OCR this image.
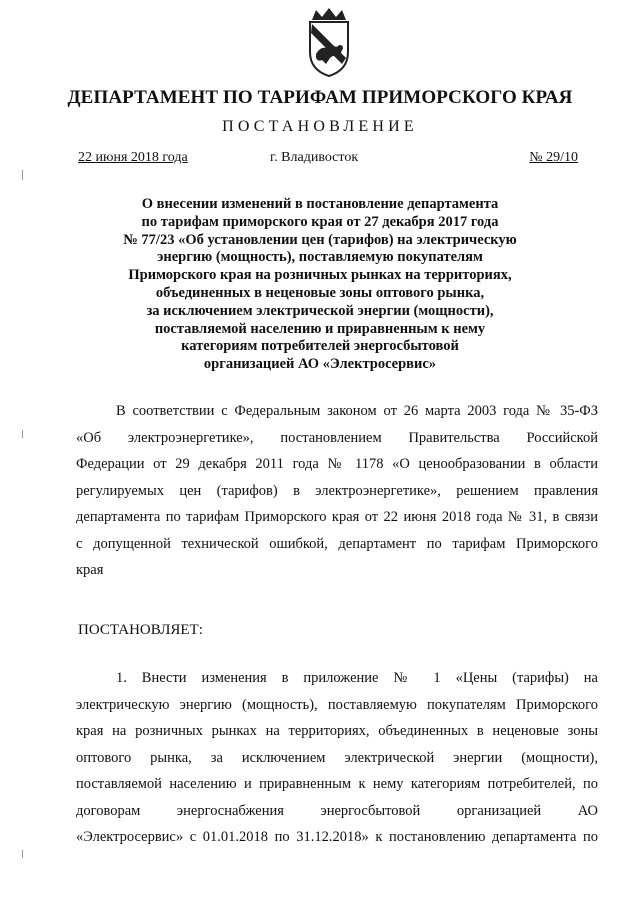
ДЕПАРТАМЕНТ ПО ТАРИФАМ ПРИМОРСКОГО КРАЯ
ПОСТАНОВЛЕНИЕ
22 июня 2018 года	г. Владивосток	№ 29/10
О внесении изменений в постановление департамента
по тарифам приморского края от 27 декабря 2017 года
№ 77/23 «Об установлении цен (тарифов) на электрическую
энергию (мощность), поставляемую покупателям
Приморского края на розничных рынках на территориях,
объединенных в неценовые зоны оптового рынка,
за исключением электрической энергии (мощности),
поставляемой населению и приравненным к нему
категориям потребителей энергосбытовой
организацией АО «Электросервис»
В соответствии с Федеральным законом от 26 марта 2003 года № 35-ФЗ
«Об электроэнергетике», постановлением Правительства Российской
Федерации от 29 декабря 2011 года № 1178 «О ценообразовании в области
регулируемых цен (тарифов) в электроэнергетике», решением правления
департамента по тарифам Приморского края от 22 июня 2018 года № 31, в связи
с допущенной технической ошибкой, департамент по тарифам Приморского
края
ПОСТАНОВЛЯЕТ:
1. Внести изменения в приложение № 1 «Цены (тарифы) на
электрическую энергию (мощность), поставляемую покупателям Приморского
края на розничных рынках на территориях, объединенных в неценовые зоны
оптового рынка, за исключением электрической энергии (мощности),
поставляемой населению и приравненным к нему категориям потребителей, по
договорам энергоснабжения энергосбытовой организацией АО
«Электросервис» с 01.01.2018 по 31.12.2018» к постановлению департамента по
